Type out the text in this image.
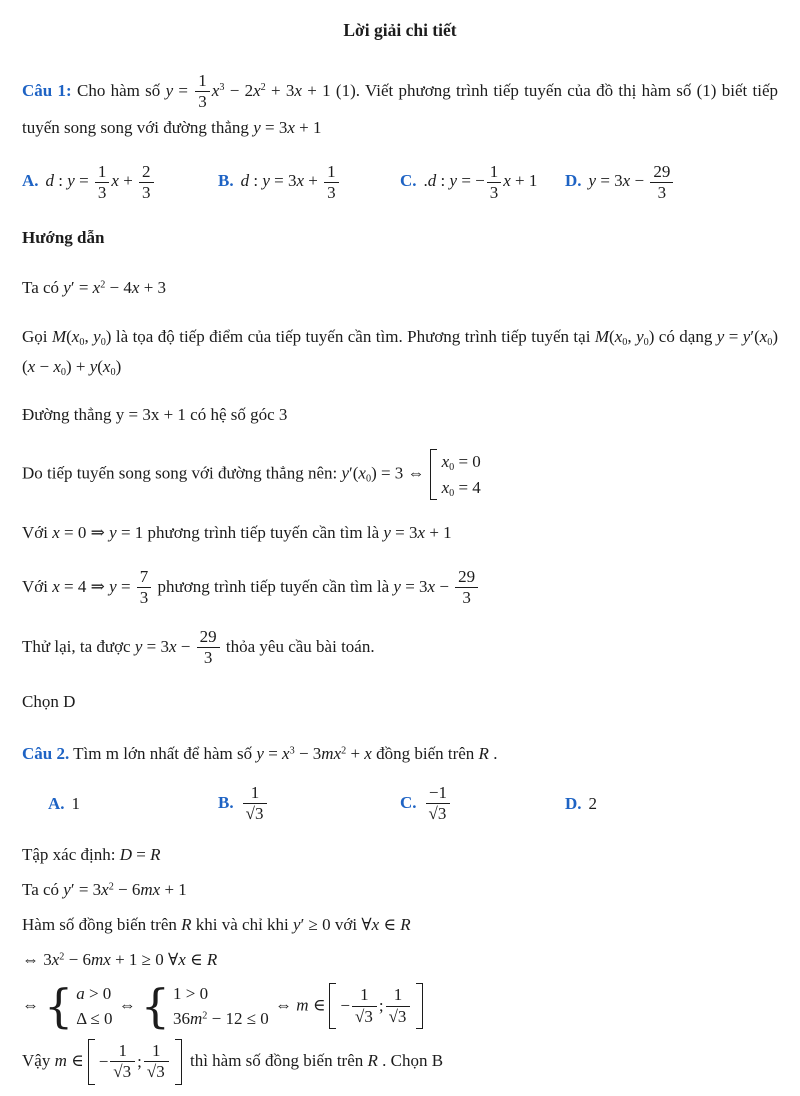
Lời giải chi tiết
Câu 1: Cho hàm số $y = \frac{1}{3} x^3 - 2x^2 + 3x + 1$ (1). Viết phương trình tiếp tuyến của đồ thị hàm số (1) biết tiếp tuyến song song với đường thẳng y = 3x + 1
A. d : $y = \frac{1}{3}$ $x + \frac{2}{3}$	B. d : $y = 3x + \frac{1}{3}$	C. .d : y = − $\frac{1}{3}$ x + 1	D. $y = 3x - \frac{29}{3}$
Hướng dẫn
Ta có $y' = x^2 - 4x + 3$
Gọi $M(x_0$, $y_0$) là tọa độ tiếp điểm của tiếp tuyến cần tìm. Phương trình tiếp tuyến tại $M(x_0$, $y_0$) có dạng $y = y'(x_0)(x - x_0) + y(x_0)$
Đường thẳng y = 3x + 1 có hệ số góc 3
Do tiếp tuyến song song với đường thẳng nên: $y'(x_0) = 3$ ⇔
$x_0 = 0$
$x_0 = 4$
Với x = 0 ⇒ y = 1 phương trình tiếp tuyến cần tìm là y = 3x + 1
Với x = 4 ⇒ $y = \frac{7}{3}$ phương trình tiếp tuyến cần tìm là $y = 3x - \frac{29}{3}$
Thử lại, ta được $y = 3x - \frac{29}{3}$ thỏa yêu cầu bài toán.
Chọn D
Câu 2. Tìm m lớn nhất để hàm số $y = x^3 - 3mx^2 + x$ đồng biến trên R .
A. 1	B. $\frac{1}{√3}$	C. $\frac{-1}{√3}$	D. 2
Tập xác định: D = R
Ta có $y' = 3x^2 - 6mx + 1$
Hàm số đồng biến trên R khi và chỉ khi y′ ≥ 0 với ∀x ∈ R
⇔ $3x^2 - 6mx + 1 \ge 0$ ∀x ∈ R
⇔ { a > 0
Δ ≤ 0
⇔ { 1 > 0
$36m^2 - 12 \le 0$
⇔ m ∈ − $\frac{1}{√3}$ ; $\frac{1}{√3}$
Vậy m ∈ − $\frac{1}{√3}$ ; $\frac{1}{√3}$ thì hàm số đồng biến trên R . Chọn B
